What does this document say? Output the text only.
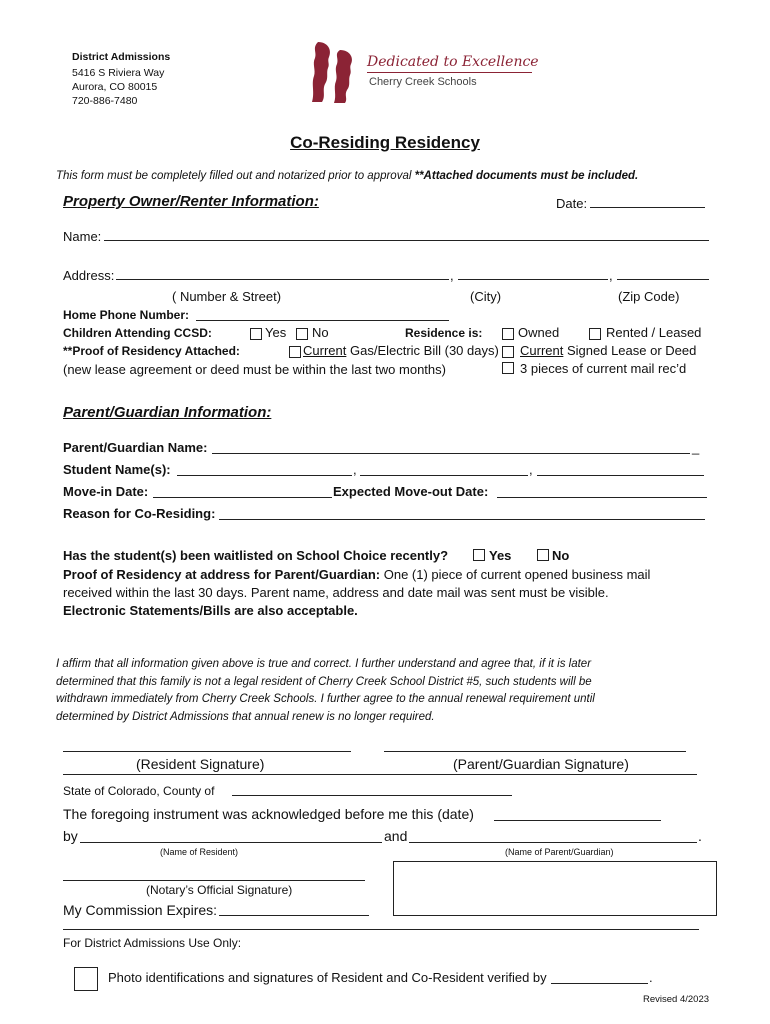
District Admissions
5416 S Riviera Way
Aurora, CO 80015
720-886-7480
Dedicated to Excellence
Cherry Creek Schools
Co-Residing Residency
This form must be completely filled out and notarized prior to approval **Attached documents must be included.
Property Owner/Renter Information:	Date:
Name:
Address:	,	,
( Number & Street)	(City)	(Zip Code)
Home Phone Number:
Children Attending CCSD:	Yes No	Residence is:	Owned	Rented / Leased
**Proof of Residency Attached:	Current Gas/Electric Bill (30 days) Current Signed Lease or Deed
(new lease agreement or deed must be within the last two months)	3 pieces of current mail rec’d
Parent/Guardian Information:
Parent/Guardian Name:	_
Student Name(s):	,	,
Move-in Date:	Expected Move-out Date:
Reason for Co-Residing:
Has the student(s) been waitlisted on School Choice recently?	Yes	No
Proof of Residency at address for Parent/Guardian: One (1) piece of current opened business mail
received within the last 30 days. Parent name, address and date mail was sent must be visible.
Electronic Statements/Bills are also acceptable.
I affirm that all information given above is true and correct. I further understand and agree that, if it is later
determined that this family is not a legal resident of Cherry Creek School District #5, such students will be
withdrawn immediately from Cherry Creek Schools. I further agree to the annual renewal requirement until
determined by District Admissions that annual renew is no longer required.
(Resident Signature)	(Parent/Guardian Signature)
State of Colorado, County of
The foregoing instrument was acknowledged before me this (date)
by	and	.
(Name of Resident)	(Name of Parent/Guardian)
(Notary’s Official Signature)
My Commission Expires:
For District Admissions Use Only:
Photo identifications and signatures of Resident and Co-Resident verified by	.
Revised 4/2023
